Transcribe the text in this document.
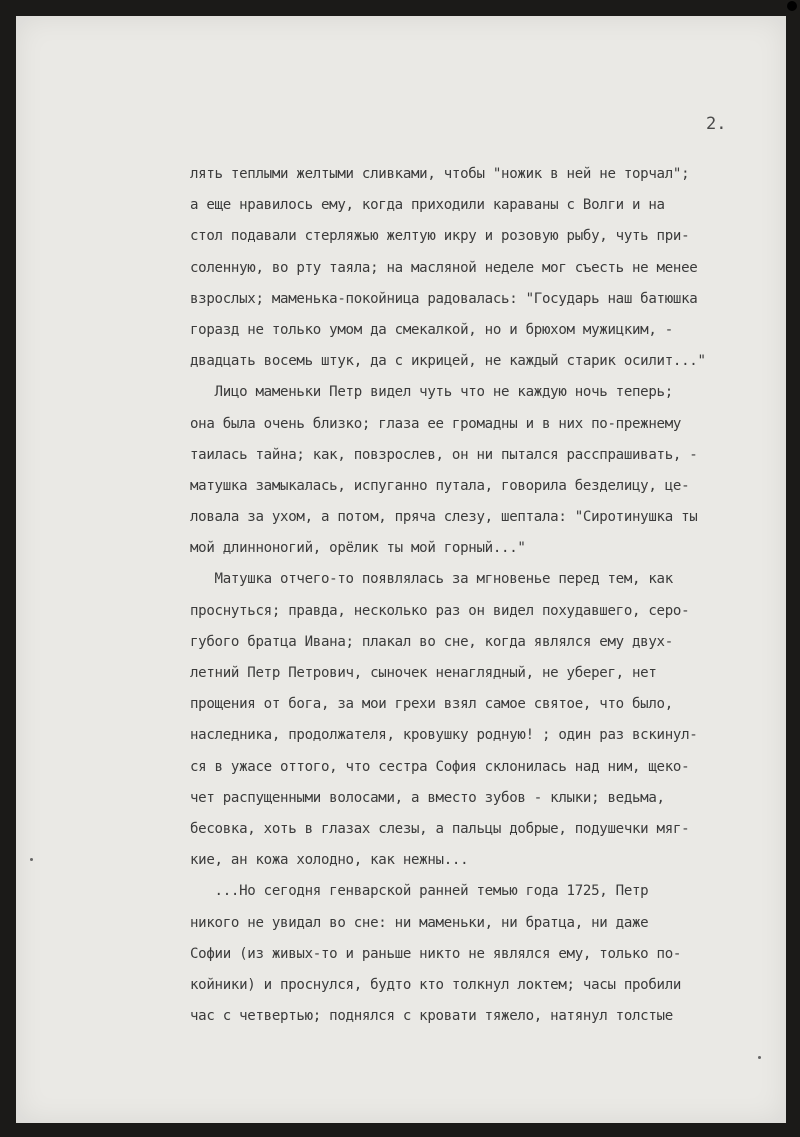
2.
лять теплыми желтыми сливками, чтобы "ножик в ней не торчал";
а еще нравилось ему, когда приходили караваны с Волги и на
стол подавали стерляжью желтую икру и розовую рыбу, чуть при-
соленную, во рту таяла; на масляной неделе мог съесть не менее
взрослых; маменька-покойница радовалась: "Государь наш батюшка
горазд не только умом да смекалкой, но и брюхом мужицким, -
двадцать восемь штук, да с икрицей, не каждый старик осилит..."
Лицо маменьки Петр видел чуть что не каждую ночь теперь;
она была очень близко; глаза ее громадны и в них по-прежнему
таилась тайна; как, повзрослев, он ни пытался расспрашивать, -
матушка замыкалась, испуганно путала, говорила безделицу, це-
ловала за ухом, а потом, пряча слезу, шептала: "Сиротинушка ты
мой длинноногий, орёлик ты мой горный..."
Матушка отчего-то появлялась за мгновенье перед тем, как
проснуться; правда, несколько раз он видел похудавшего, серо-
губого братца Ивана; плакал во сне, когда являлся ему двух-
летний Петр Петрович, сыночек ненаглядный, не уберег, нет
прощения от бога, за мои грехи взял самое святое, что было,
наследника, продолжателя, кровушку родную! ; один раз вскинул-
ся в ужасе оттого, что сестра София склонилась над ним, щеко-
чет распущенными волосами, а вместо зубов - клыки; ведьма,
бесовка, хоть в глазах слезы, а пальцы добрые, подушечки мяг-
кие, ан кожа холодно, как нежны...
...Но сегодня генварской ранней темью года 1725, Петр
никого не увидал во сне: ни маменьки, ни братца, ни даже
Софии (из живых-то и раньше никто не являлся ему, только по-
койники) и проснулся, будто кто толкнул локтем; часы пробили
час с четвертью; поднялся с кровати тяжело, натянул толстые
